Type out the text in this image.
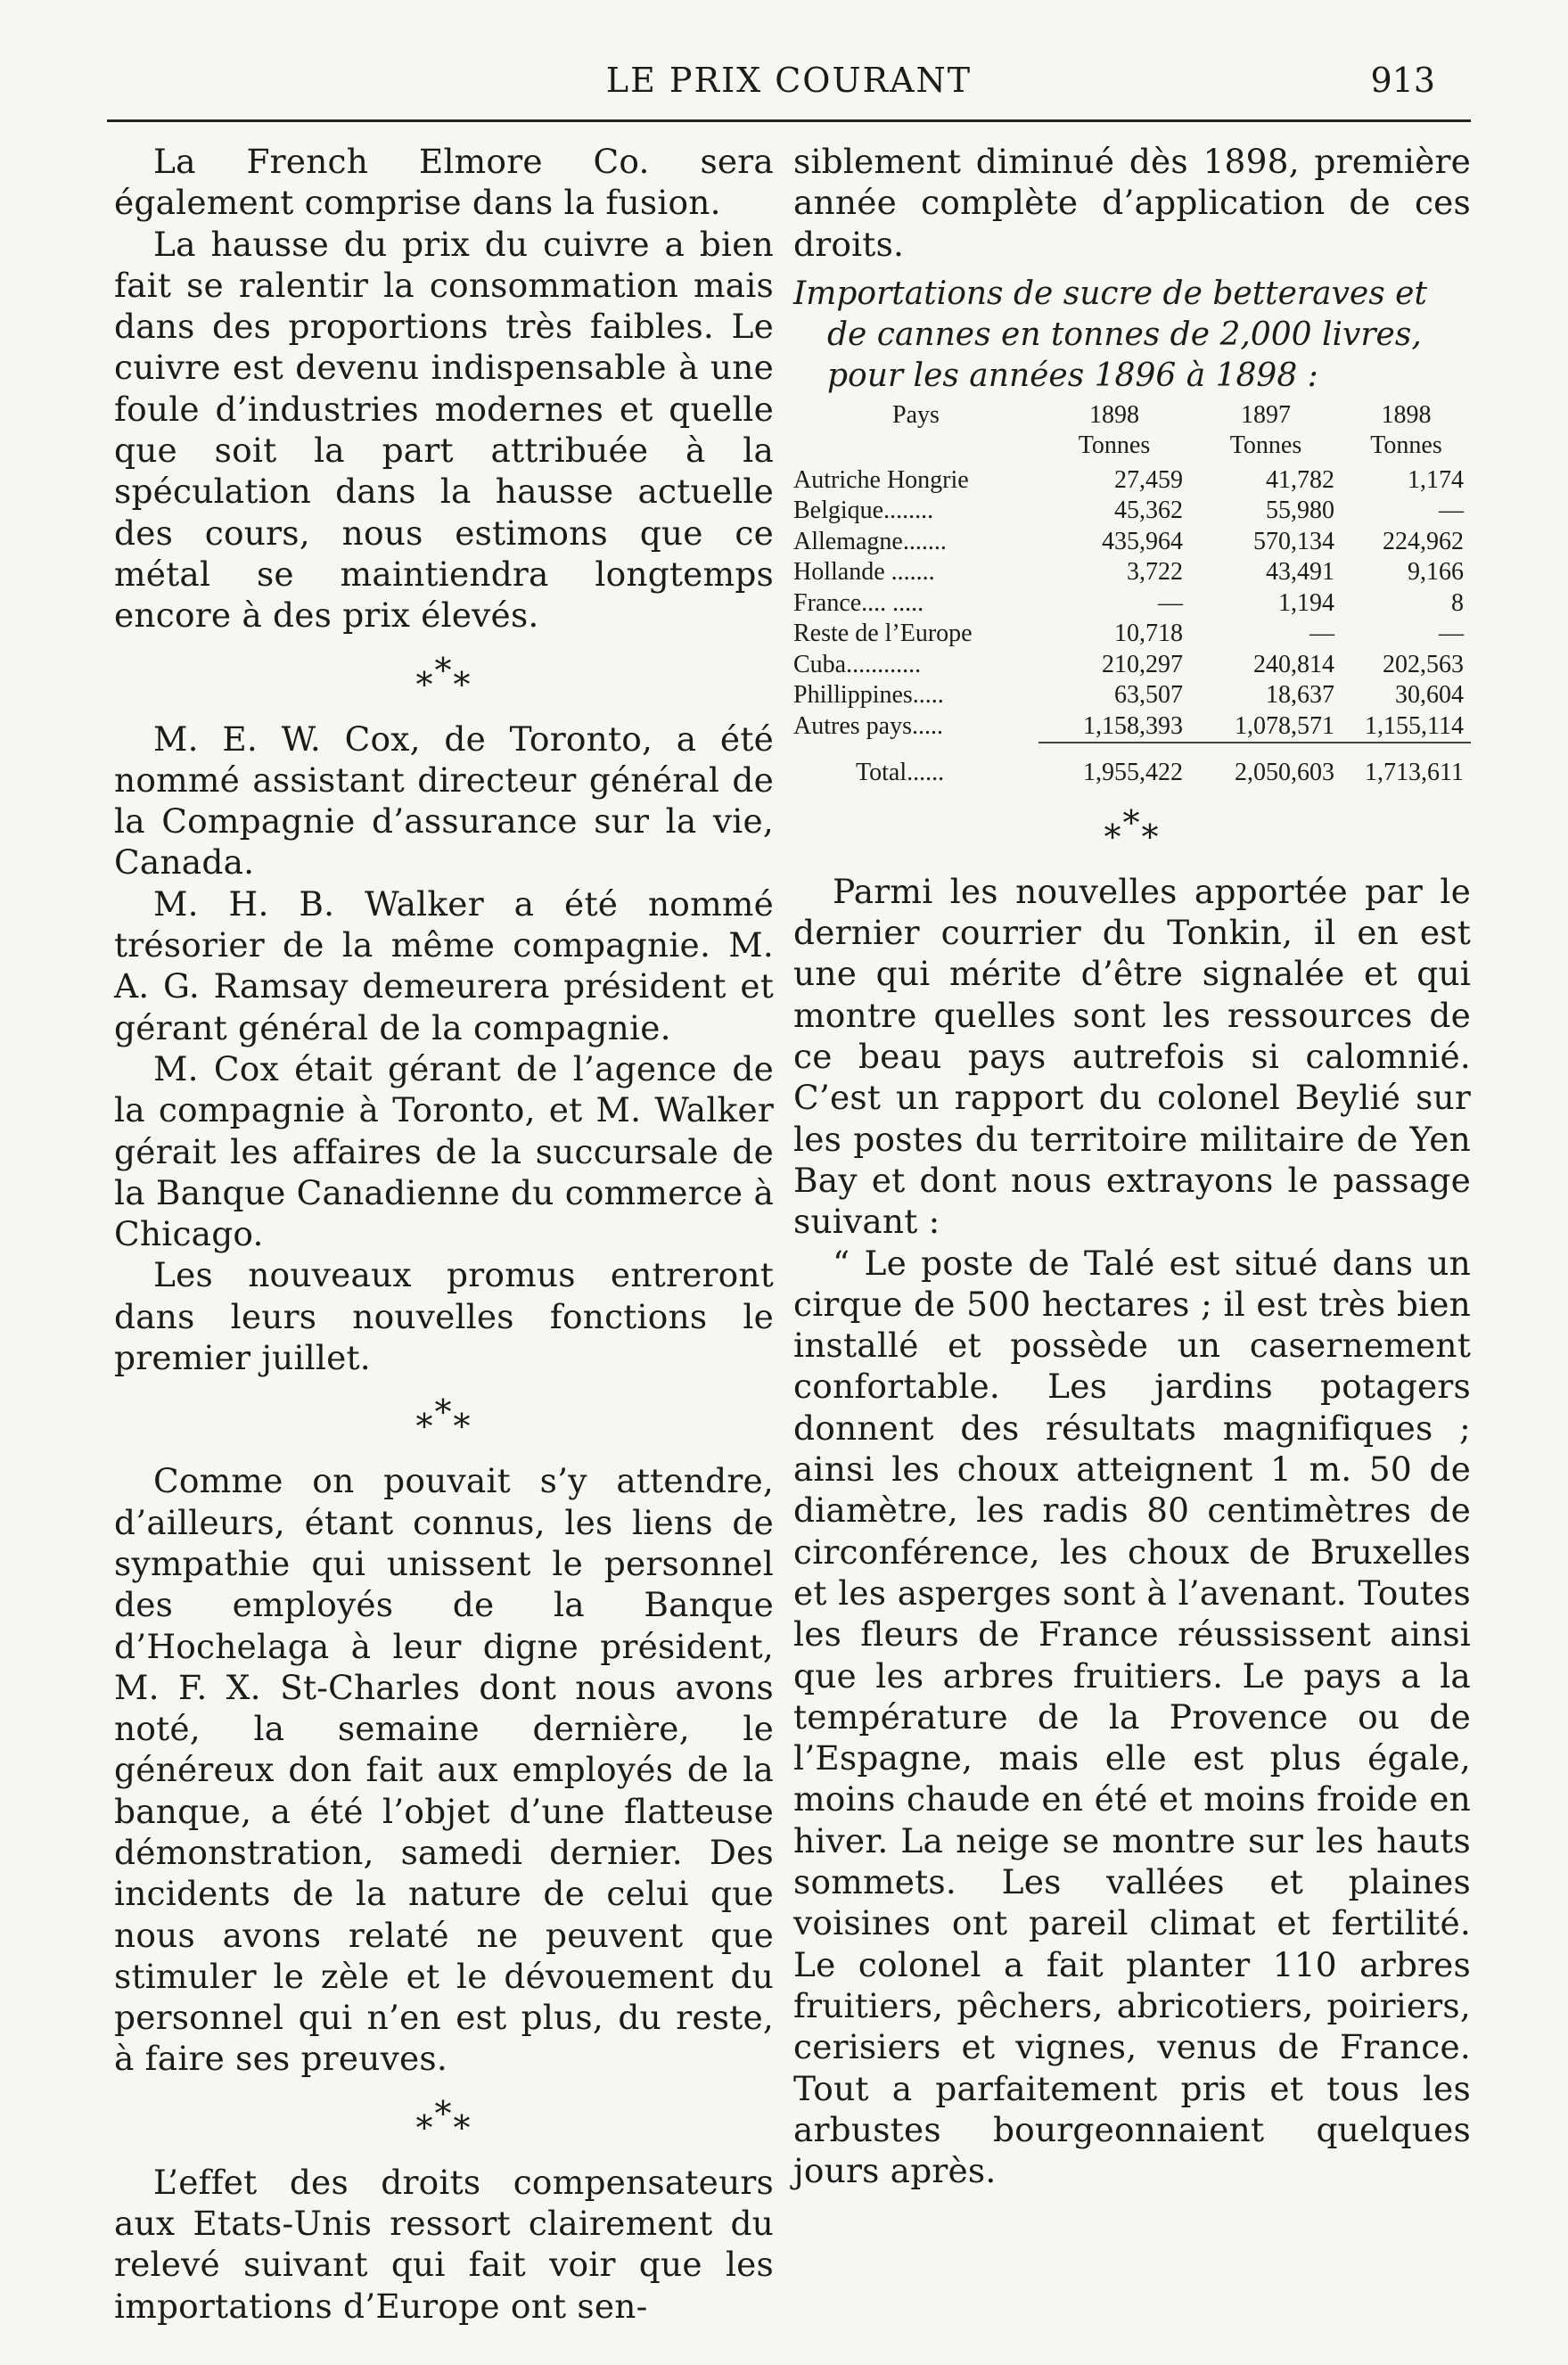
LE PRIX COURANT	913

La French Elmore Co. sera également comprise dans la fusion.

La hausse du prix du cuivre a bien fait se ralentir la consommation mais dans des proportions très faibles. Le cuivre est devenu indispensable à une foule d’industries modernes et quelle que soit la part attribuée à la spéculation dans la hausse actuelle des cours, nous estimons que ce métal se maintiendra longtemps encore à des prix élevés.

***

M. E. W. Cox, de Toronto, a été nommé assistant directeur général de la Compagnie d’assurance sur la vie, Canada.

M. H. B. Walker a été nommé trésorier de la même compagnie. M. A. G. Ramsay demeurera président et gérant général de la compagnie.

M. Cox était gérant de l’agence de la compagnie à Toronto, et M. Walker gérait les affaires de la succursale de la Banque Canadienne du commerce à Chicago.

Les nouveaux promus entreront dans leurs nouvelles fonctions le premier juillet.

***

Comme on pouvait s’y attendre, d’ailleurs, étant connus, les liens de sympathie qui unissent le personnel des employés de la Banque d’Hochelaga à leur digne président, M. F. X. St-Charles dont nous avons noté, la semaine dernière, le généreux don fait aux employés de la banque, a été l’objet d’une flatteuse démonstration, samedi dernier. Des incidents de la nature de celui que nous avons relaté ne peuvent que stimuler le zèle et le dévouement du personnel qui n’en est plus, du reste, à faire ses preuves.

***

L’effet des droits compensateurs aux Etats-Unis ressort clairement du relevé suivant qui fait voir que les importations d’Europe ont sen-

siblement diminué dès 1898, première année complète d’application de ces droits.

Importations de sucre de betteraves et
de cannes en tonnes de 2,000 livres,
pour les années 1896 à 1898 :
Pays	1898	1897	1898
	Tonnes	Tonnes	Tonnes
Autriche Hongrie	27,459	41,782	1,174
Belgique........	45,362	55,980	—
Allemagne.......	435,964	570,134	224,962
Hollande .......	3,722	43,491	9,166
France.... .....	—	1,194	8
Reste de l’Europe	10,718	—	—
Cuba............	210,297	240,814	202,563
Phillippines.....	63,507	18,637	30,604
Autres pays.....	1,158,393	1,078,571	1,155,114

Total......	1,955,422	2,050,603	1,713,611
***

Parmi les nouvelles apportée par le dernier courrier du Tonkin, il en est une qui mérite d’être signalée et qui montre quelles sont les ressources de ce beau pays autrefois si calomnié. C’est un rapport du colonel Beylié sur les postes du territoire militaire de Yen Bay et dont nous extrayons le passage suivant :

“ Le poste de Talé est situé dans un cirque de 500 hectares ; il est très bien installé et possède un casernement confortable. Les jardins potagers donnent des résultats magnifiques ; ainsi les choux atteignent 1 m. 50 de diamètre, les radis 80 centimètres de circonférence, les choux de Bruxelles et les asperges sont à l’avenant. Toutes les fleurs de France réussissent ainsi que les arbres fruitiers. Le pays a la température de la Provence ou de l’Espagne, mais elle est plus égale, moins chaude en été et moins froide en hiver. La neige se montre sur les hauts sommets. Les vallées et plaines voisines ont pareil climat et fertilité. Le colonel a fait planter 110 arbres fruitiers, pêchers, abricotiers, poiriers, cerisiers et vignes, venus de France. Tout a parfaitement pris et tous les arbustes bourgeonnaient quelques jours après.
